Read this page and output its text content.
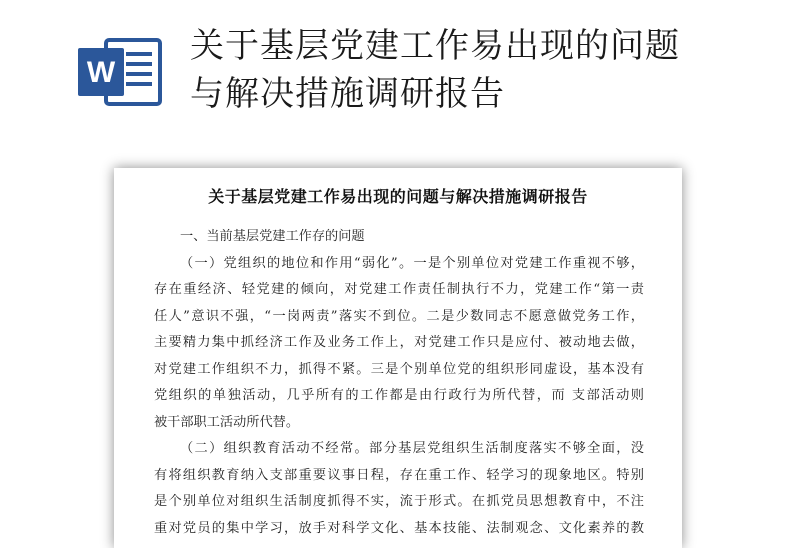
W
关于基层党建工作易出现的问题
与解决措施调研报告
关于基层党建工作易出现的问题与解决措施调研报告
一、当前基层党建工作存的问题
（一）党组织的地位和作用“弱化”。一是个别单位对党建工作重视不够，
存在重经济、轻党建的倾向，对党建工作责任制执行不力，党建工作“第一责
任人”意识不强，“一岗两责”落实不到位。二是少数同志不愿意做党务工作，
主要精力集中抓经济工作及业务工作上，对党建工作只是应付、被动地去做，
对党建工作组织不力，抓得不紧。三是个别单位党的组织形同虚设，基本没有
党组织的单独活动，几乎所有的工作都是由行政行为所代替，而 支部活动则
被干部职工活动所代替。
（二）组织教育活动不经常。部分基层党组织生活制度落实不够全面，没
有将组织教育纳入支部重要议事日程，存在重工作、轻学习的现象地区。特别
是个别单位对组织生活制度抓得不实，流于形式。在抓党员思想教育中，不注
重对党员的集中学习，放手对科学文化、基本技能、法制观念、文化素养的教
